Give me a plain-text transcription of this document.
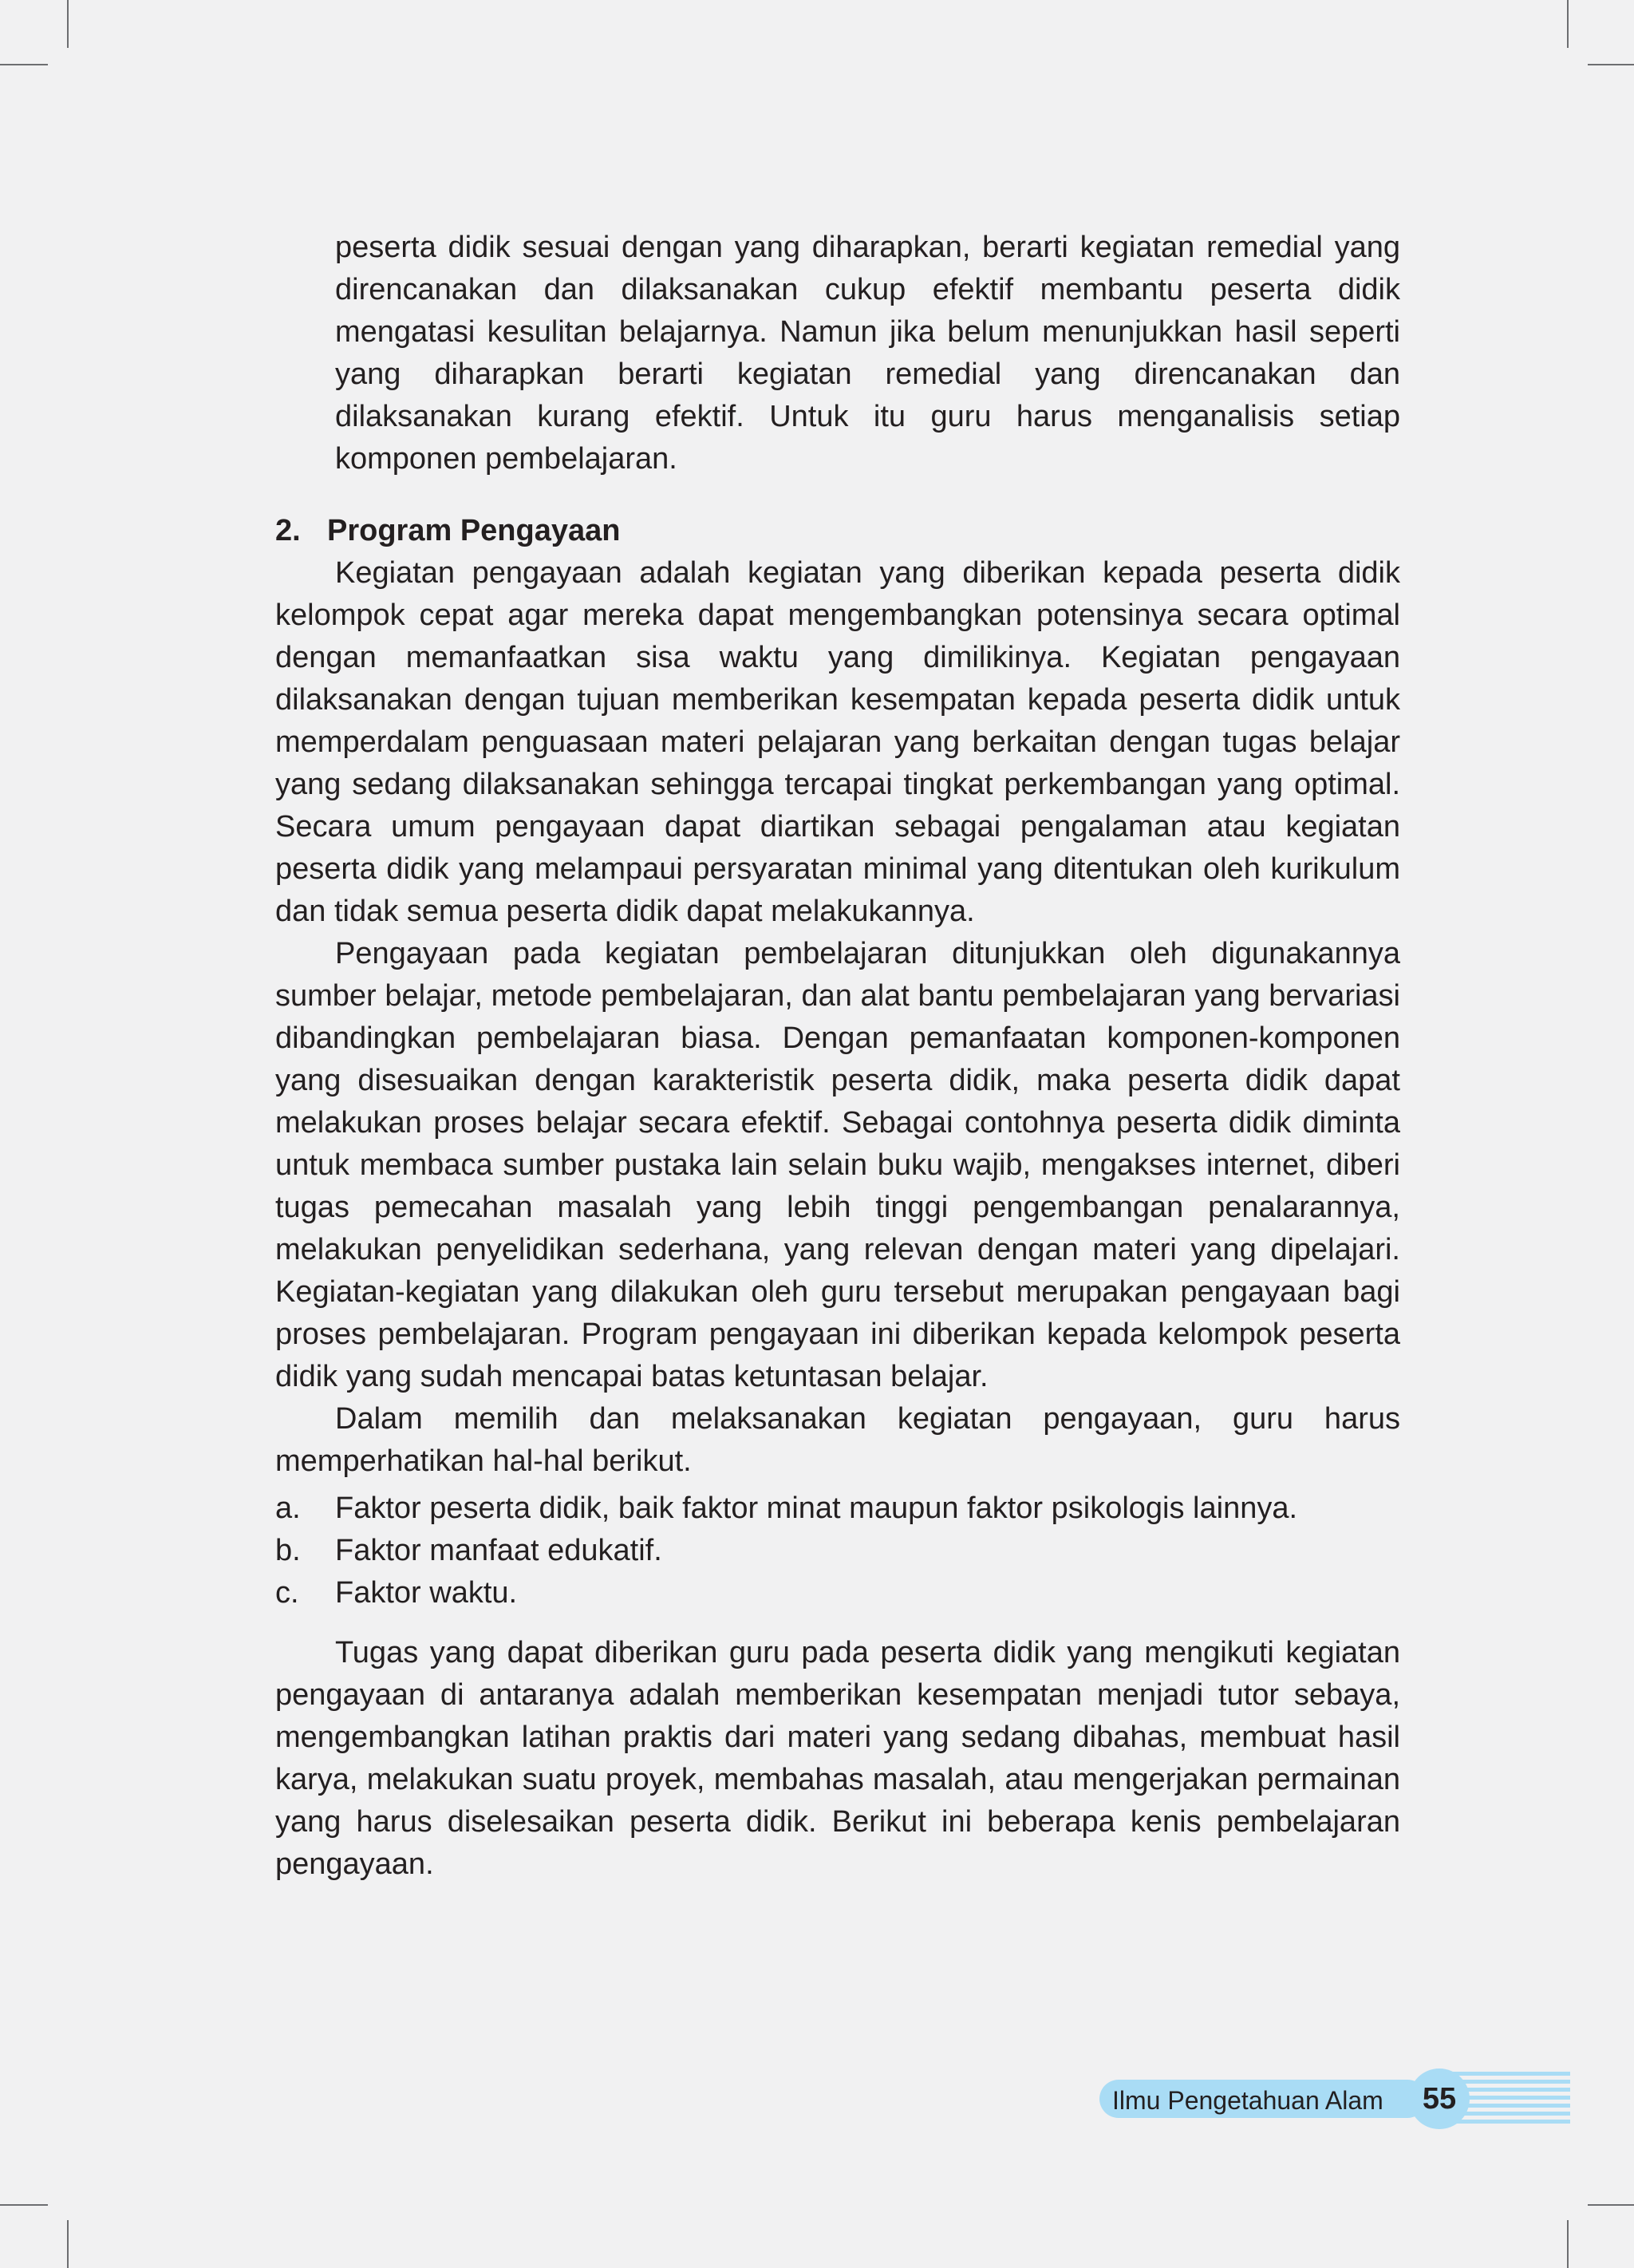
peserta didik sesuai dengan yang diharapkan, berarti kegiatan remedial yang direncanakan dan dilaksanakan cukup efektif membantu peserta didik mengatasi kesulitan belajarnya. Namun jika belum menunjukkan hasil seperti yang diharapkan berarti kegiatan remedial yang direncanakan dan dilaksanakan kurang efektif. Untuk itu guru harus menganalisis setiap komponen pembelajaran.

2. Program Pengayaan

Kegiatan pengayaan adalah kegiatan yang diberikan kepada peserta didik kelompok cepat agar mereka dapat mengembangkan potensinya secara optimal dengan memanfaatkan sisa waktu yang dimilikinya. Kegiatan pengayaan dilaksanakan dengan tujuan memberikan kesempatan kepada peserta didik untuk memperdalam penguasaan materi pelajaran yang berkaitan dengan tugas belajar yang sedang dilaksanakan sehingga tercapai tingkat perkembangan yang optimal. Secara umum pengayaan dapat diartikan sebagai pengalaman atau kegiatan peserta didik yang melampaui persyaratan minimal yang ditentukan oleh kurikulum dan tidak semua peserta didik dapat melakukannya.

Pengayaan pada kegiatan pembelajaran ditunjukkan oleh digunakannya sumber belajar, metode pembelajaran, dan alat bantu pembelajaran yang bervariasi dibandingkan pembelajaran biasa. Dengan pemanfaatan komponen-komponen yang disesuaikan dengan karakteristik peserta didik, maka peserta didik dapat melakukan proses belajar secara efektif. Sebagai contohnya peserta didik diminta untuk membaca sumber pustaka lain selain buku wajib, mengakses internet, diberi tugas pemecahan masalah yang lebih tinggi pengembangan penalarannya, melakukan penyelidikan sederhana, yang relevan dengan materi yang dipelajari. Kegiatan-kegiatan yang dilakukan oleh guru tersebut merupakan pengayaan bagi proses pembelajaran. Program pengayaan ini diberikan kepada kelompok peserta didik yang sudah mencapai batas ketuntasan belajar.

Dalam memilih dan melaksanakan kegiatan pengayaan, guru harus memperhatikan hal-hal berikut.

a.	Faktor peserta didik, baik faktor minat maupun faktor psikologis lainnya.
b.	Faktor manfaat edukatif.
c.	Faktor waktu.

Tugas yang dapat diberikan guru pada peserta didik yang mengikuti kegiatan pengayaan di antaranya adalah memberikan kesempatan menjadi tutor sebaya, mengembangkan latihan praktis dari materi yang sedang dibahas, membuat hasil karya, melakukan suatu proyek, membahas masalah, atau mengerjakan permainan yang harus diselesaikan peserta didik. Berikut ini beberapa kenis pembelajaran pengayaan.

Ilmu Pengetahuan Alam	55
